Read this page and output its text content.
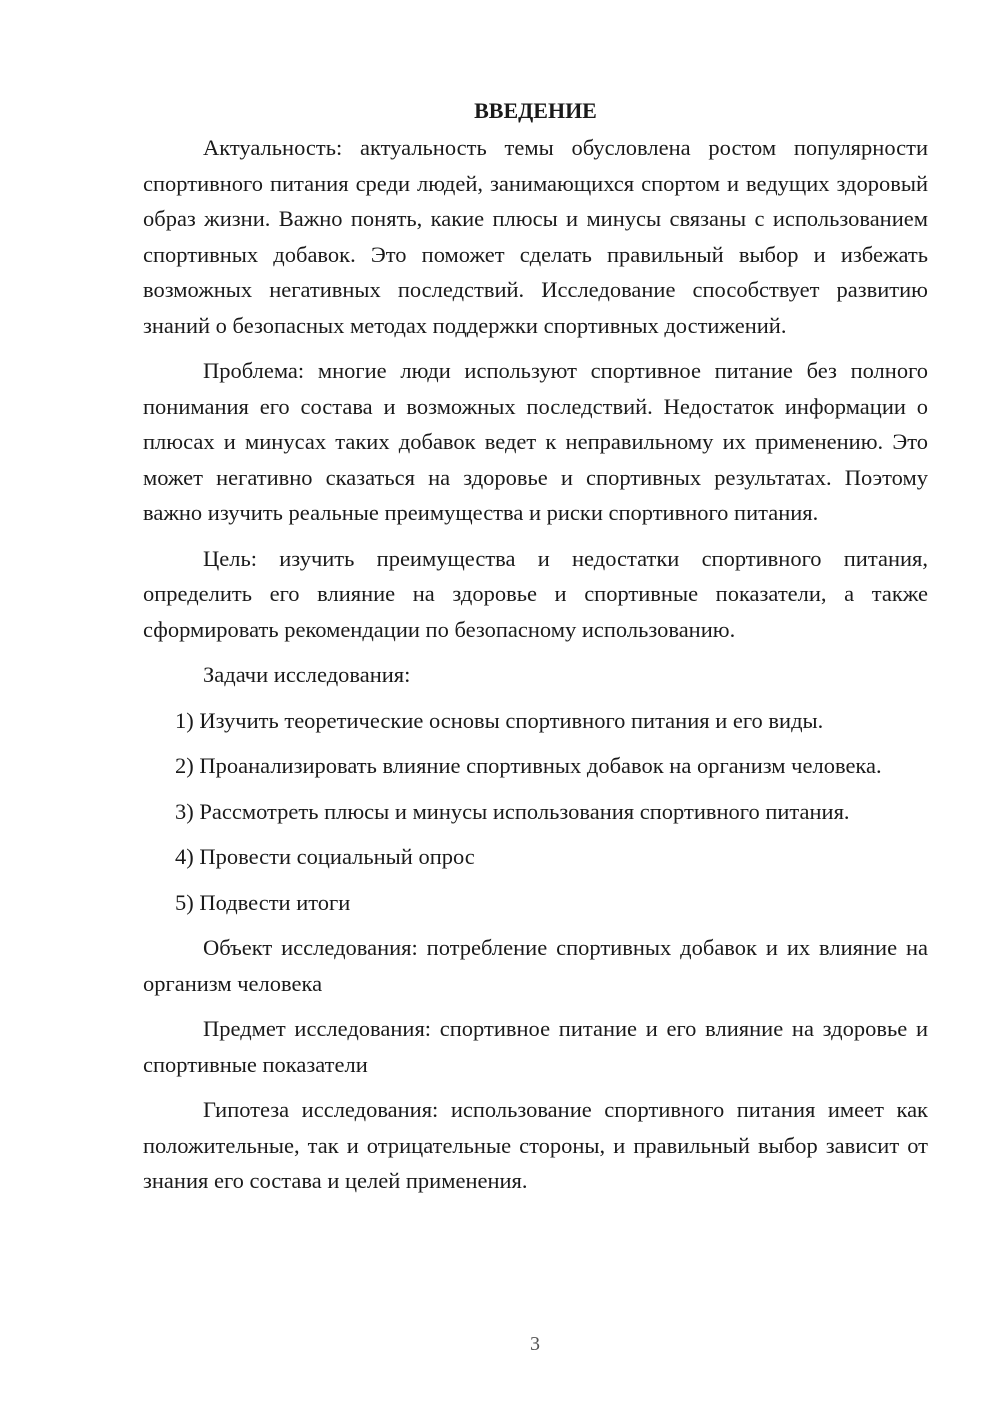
ВВЕДЕНИЕ

Актуальность: актуальность темы обусловлена ростом популярности спортивного питания среди людей, занимающихся спортом и ведущих здоровый образ жизни. Важно понять, какие плюсы и минусы связаны с использованием спортивных добавок. Это поможет сделать правильный выбор и избежать возможных негативных последствий. Исследование способствует развитию знаний о безопасных методах поддержки спортивных достижений.

Проблема: многие люди используют спортивное питание без полного понимания его состава и возможных последствий. Недостаток информации о плюсах и минусах таких добавок ведет к неправильному их применению. Это может негативно сказаться на здоровье и спортивных результатах. Поэтому важно изучить реальные преимущества и риски спортивного питания.

Цель: изучить преимущества и недостатки спортивного питания, определить его влияние на здоровье и спортивные показатели, а также сформировать рекомендации по безопасному использованию.

Задачи исследования:

1) Изучить теоретические основы спортивного питания и его виды.

2) Проанализировать влияние спортивных добавок на организм человека.

3) Рассмотреть плюсы и минусы использования спортивного питания.

4) Провести социальный опрос

5) Подвести итоги

Объект исследования: потребление спортивных добавок и их влияние на организм человека

Предмет исследования: спортивное питание и его влияние на здоровье и спортивные показатели

Гипотеза исследования: использование спортивного питания имеет как положительные, так и отрицательные стороны, и правильный выбор зависит от знания его состава и целей применения.

3
